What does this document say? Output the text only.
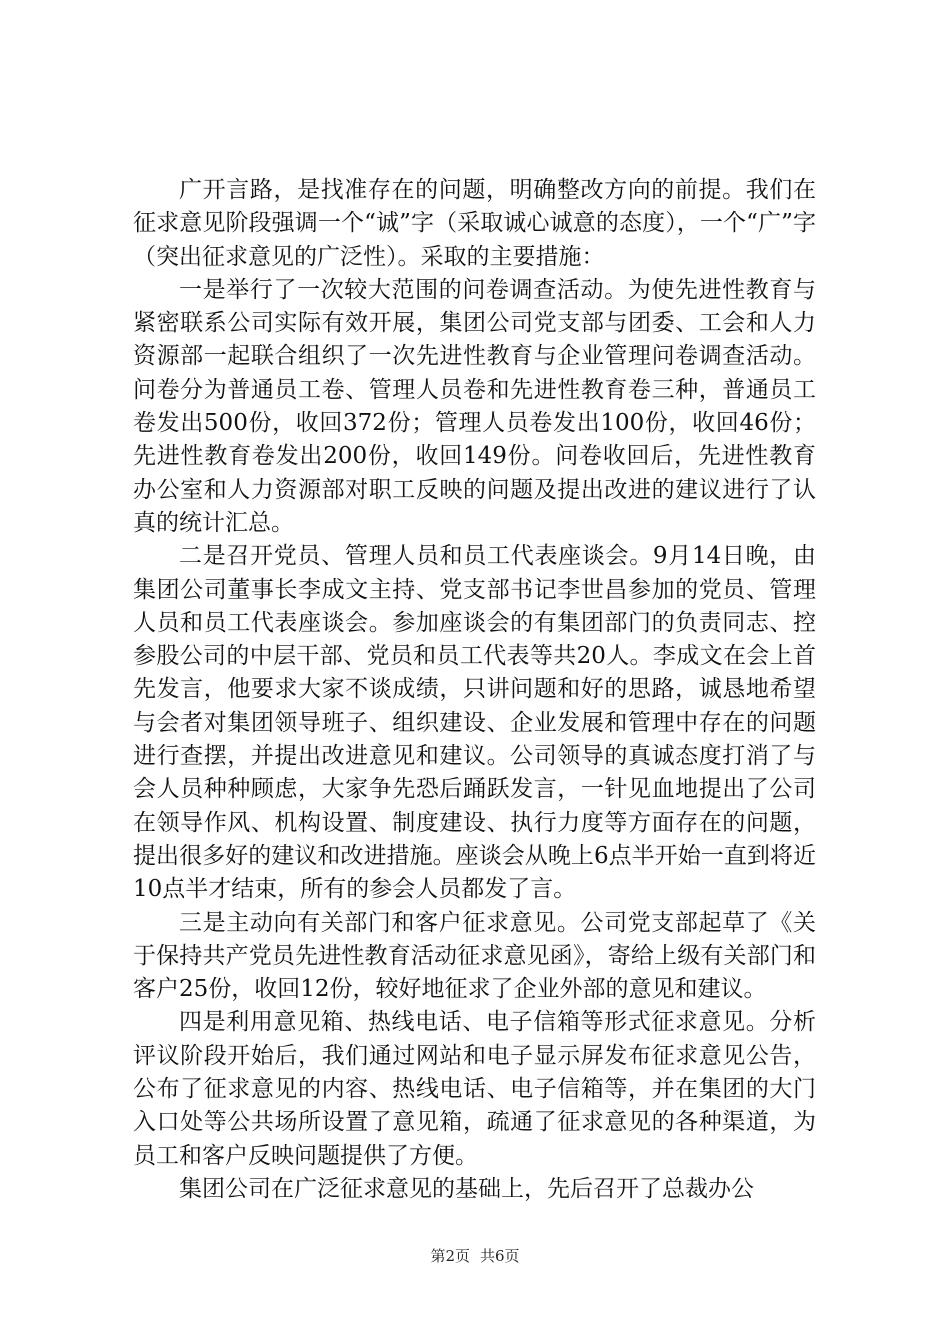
广开言路，是找准存在的问题，明确整改方向的前提。我们在征求意见阶段强调一个“诚”字（采取诚心诚意的态度），一个“广”字（突出征求意见的广泛性）。采取的主要措施：

一是举行了一次较大范围的问卷调查活动。为使先进性教育与紧密联系公司实际有效开展，集团公司党支部与团委、工会和人力资源部一起联合组织了一次先进性教育与企业管理问卷调查活动。问卷分为普通员工卷、管理人员卷和先进性教育卷三种，普通员工卷发出500份，收回372份；管理人员卷发出100份，收回46份；先进性教育卷发出200份，收回149份。问卷收回后，先进性教育办公室和人力资源部对职工反映的问题及提出改进的建议进行了认真的统计汇总。

二是召开党员、管理人员和员工代表座谈会。9月14日晚，由集团公司董事长李成文主持、党支部书记李世昌参加的党员、管理人员和员工代表座谈会。参加座谈会的有集团部门的负责同志、控参股公司的中层干部、党员和员工代表等共20人。李成文在会上首先发言，他要求大家不谈成绩，只讲问题和好的思路，诚恳地希望与会者对集团领导班子、组织建设、企业发展和管理中存在的问题进行查摆，并提出改进意见和建议。公司领导的真诚态度打消了与会人员种种顾虑，大家争先恐后踊跃发言，一针见血地提出了公司在领导作风、机构设置、制度建设、执行力度等方面存在的问题，提出很多好的建议和改进措施。座谈会从晚上6点半开始一直到将近10点半才结束，所有的参会人员都发了言。

三是主动向有关部门和客户征求意见。公司党支部起草了《关于保持共产党员先进性教育活动征求意见函》，寄给上级有关部门和客户25份，收回12份，较好地征求了企业外部的意见和建议。

四是利用意见箱、热线电话、电子信箱等形式征求意见。分析评议阶段开始后，我们通过网站和电子显示屏发布征求意见公告，公布了征求意见的内容、热线电话、电子信箱等，并在集团的大门入口处等公共场所设置了意见箱，疏通了征求意见的各种渠道，为员工和客户反映问题提供了方便。

集团公司在广泛征求意见的基础上，先后召开了总裁办公

第2页 共6页
